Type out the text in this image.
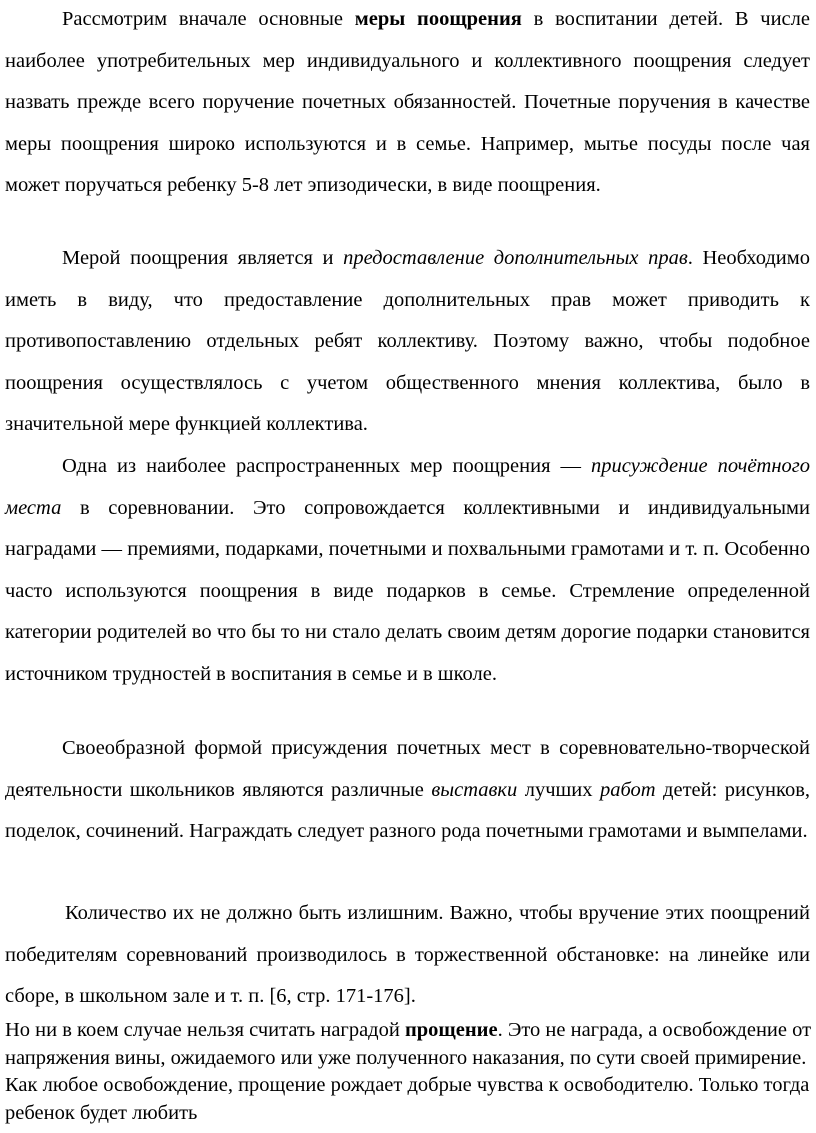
Рассмотрим вначале основные меры поощрения в воспитании детей. В числе наиболее употребительных мер индивидуального и коллективного поощрения следует назвать прежде всего поручение почетных обязанностей. Почетные поручения в качестве меры поощрения широко используются и в семье. Например, мытье посуды после чая может поручаться ребенку 5-8 лет эпизодически, в виде поощрения.

Мерой поощрения является и предоставление дополнительных прав. Необходимо иметь в виду, что предоставление дополнительных прав может приводить к противопоставлению отдельных ребят коллективу. Поэтому важно, чтобы подобное поощрения осуществлялось с учетом общественного мнения коллектива, было в значительной мере функцией коллектива.

Одна из наиболее распространенных мер поощрения — присуждение почётного места в соревновании. Это сопровождается коллективными и индивидуальными наградами — премиями, подарками, почетными и похвальными грамотами и т. п. Особенно часто используются поощрения в виде подарков в семье. Стремление определенной категории родителей во что бы то ни стало делать своим детям дорогие подарки становится источником трудностей в воспитания в семье и в школе.

Своеобразной формой присуждения почетных мест в соревновательно-творческой деятельности школьников являются различные выставки лучших работ детей: рисунков, поделок, сочинений. Награждать следует разного рода почетными грамотами и вымпелами.

Количество их не должно быть излишним. Важно, чтобы вручение этих поощрений победителям соревнований производилось в торжественной обстановке: на линейке или сборе, в школьном зале и т. п. [6, стр. 171-176].

Но ни в коем случае нельзя считать наградой прощение. Это не награда, а освобождение от напряжения вины, ожидаемого или уже полученного наказания, по сути своей примирение. Как любое освобождение, прощение рождает добрые чувства к освободителю. Только тогда ребенок будет любить
